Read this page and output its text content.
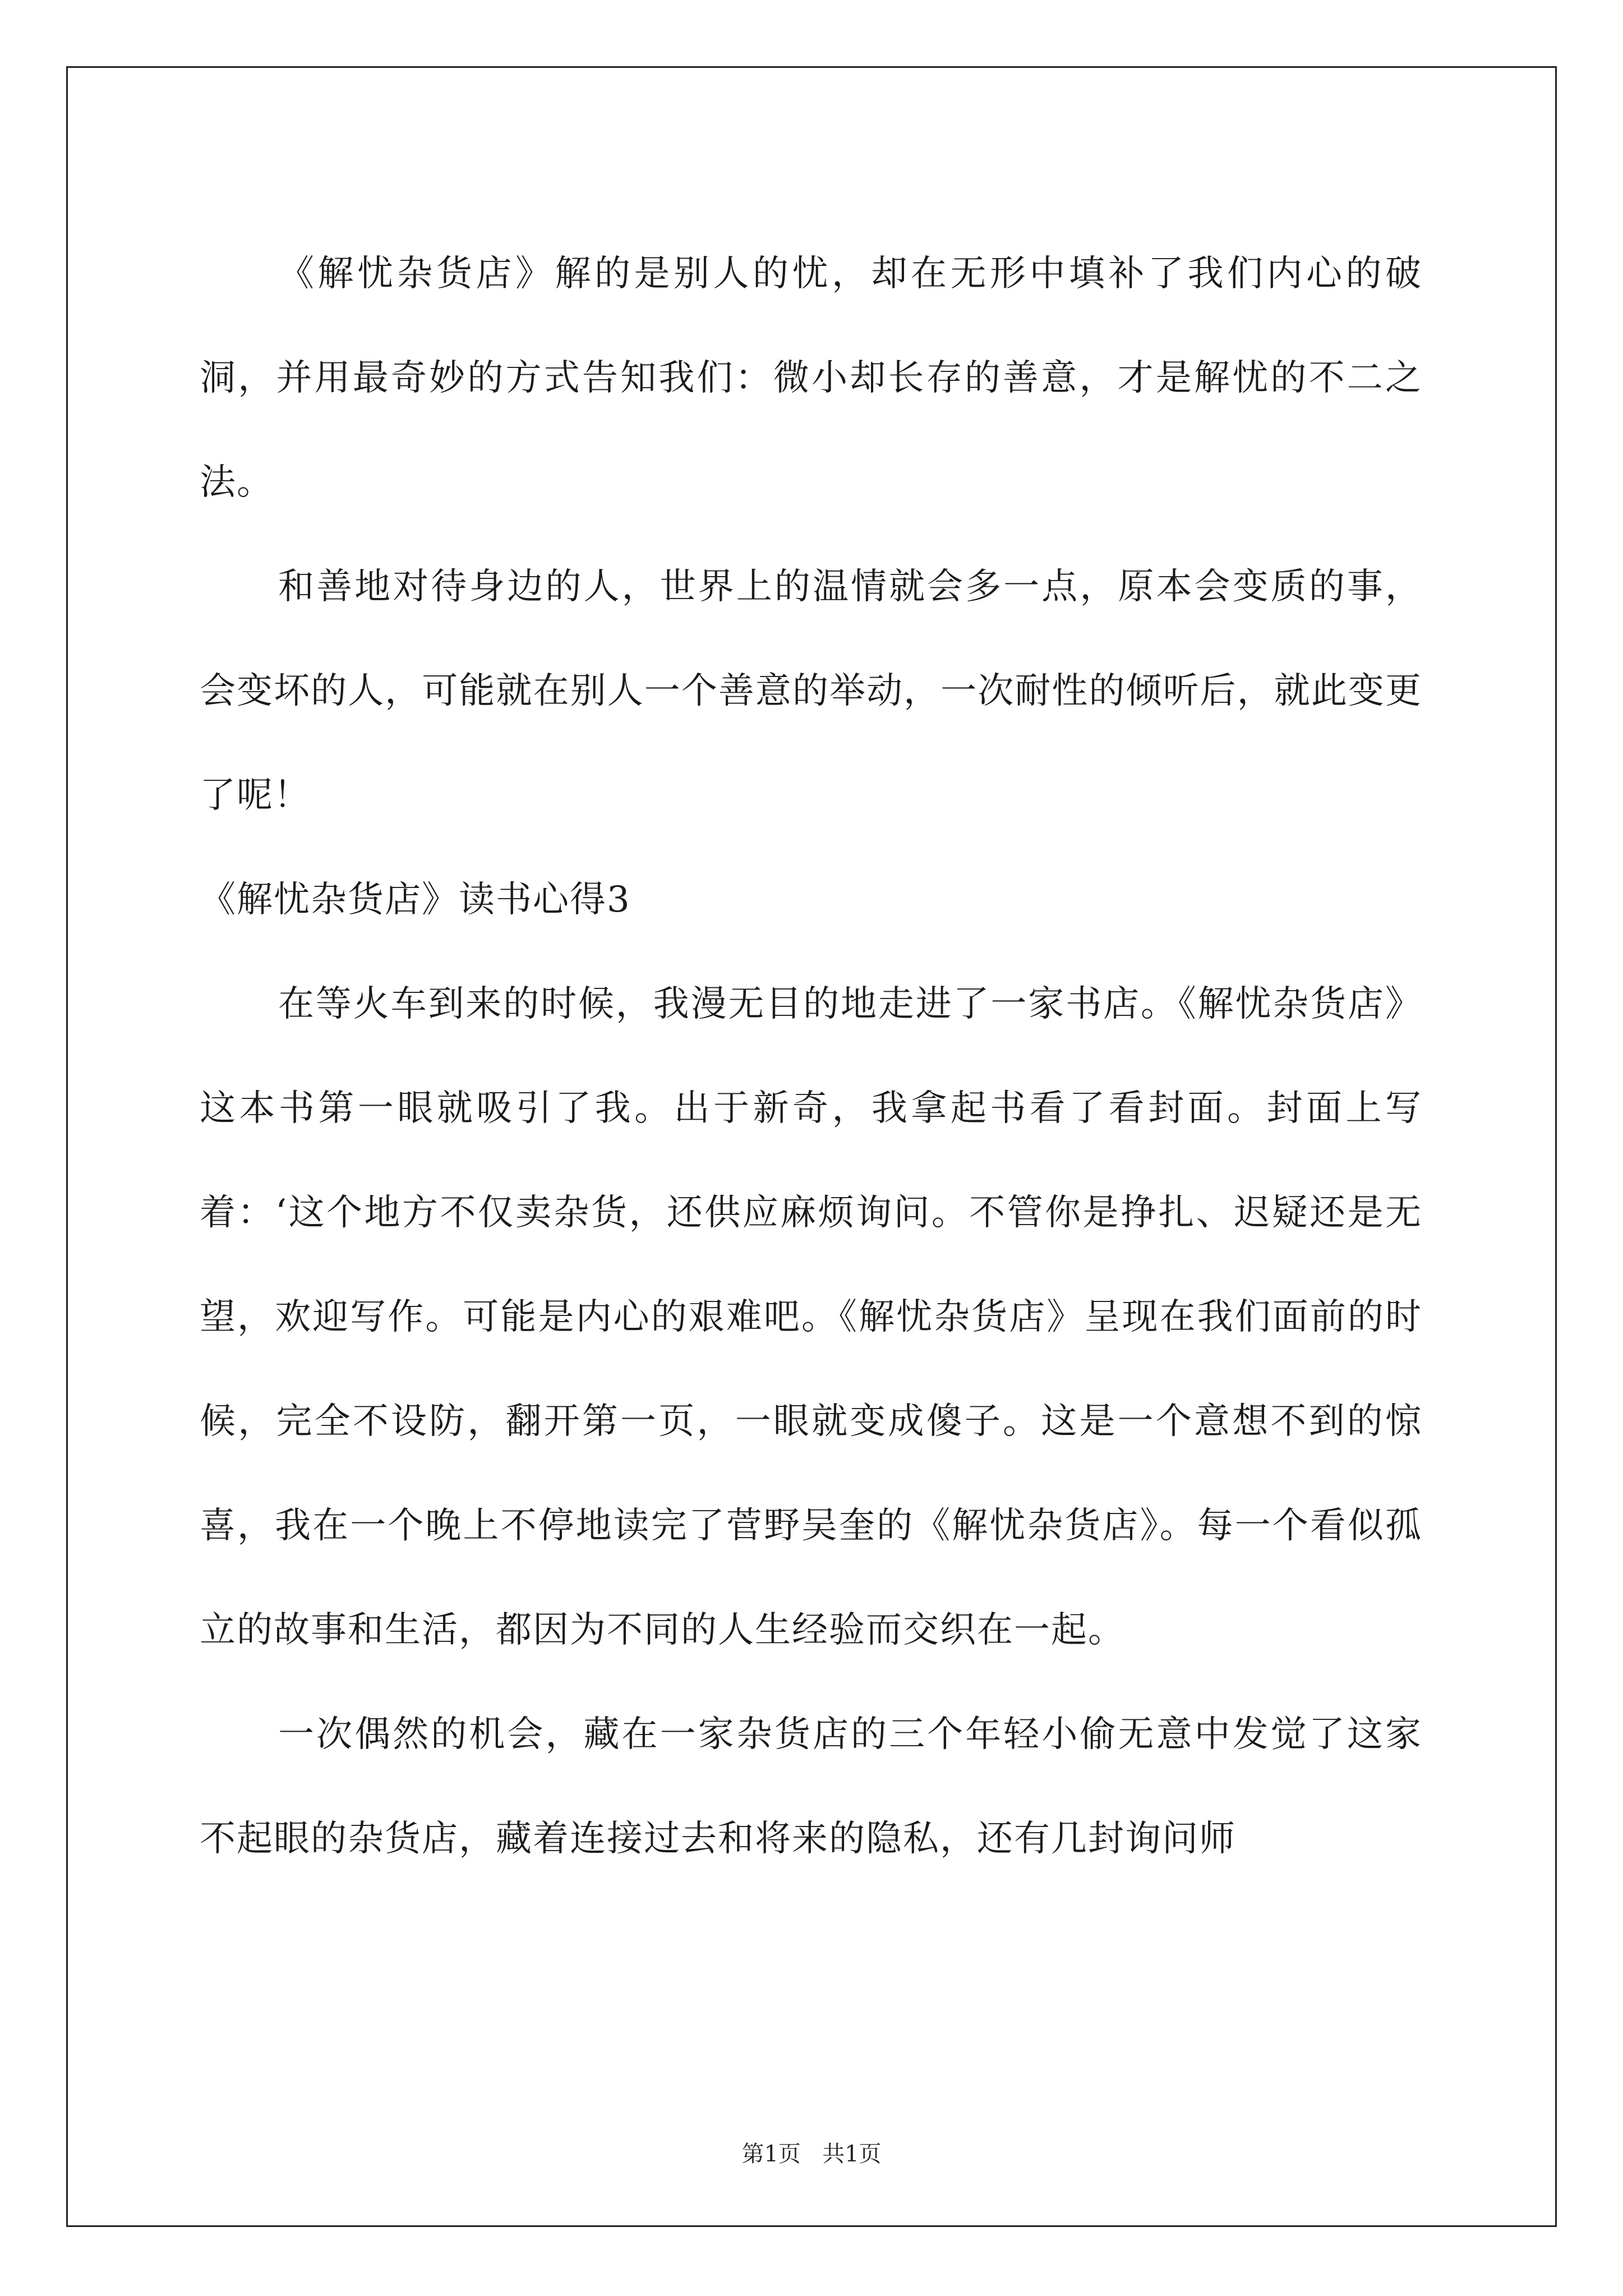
《解忧杂货店》解的是别人的忧，却在无形中填补了我们内心的破洞，并用最奇妙的方式告知我们：微小却长存的善意，才是解忧的不二之法。

和善地对待身边的人，世界上的温情就会多一点，原本会变质的事，会变坏的人，可能就在别人一个善意的举动，一次耐性的倾听后，就此变更了呢！

《解忧杂货店》读书心得3

在等火车到来的时候，我漫无目的地走进了一家书店。《解忧杂货店》这本书第一眼就吸引了我。出于新奇，我拿起书看了看封面。封面上写着：‘这个地方不仅卖杂货，还供应麻烦询问。不管你是挣扎、迟疑还是无望，欢迎写作。可能是内心的艰难吧。《解忧杂货店》呈现在我们面前的时候，完全不设防，翻开第一页，一眼就变成傻子。这是一个意想不到的惊喜，我在一个晚上不停地读完了菅野吴奎的《解忧杂货店》。每一个看似孤立的故事和生活，都因为不同的人生经验而交织在一起。

一次偶然的机会，藏在一家杂货店的三个年轻小偷无意中发觉了这家不起眼的杂货店，藏着连接过去和将来的隐私，还有几封询问师

第1页 共1页
